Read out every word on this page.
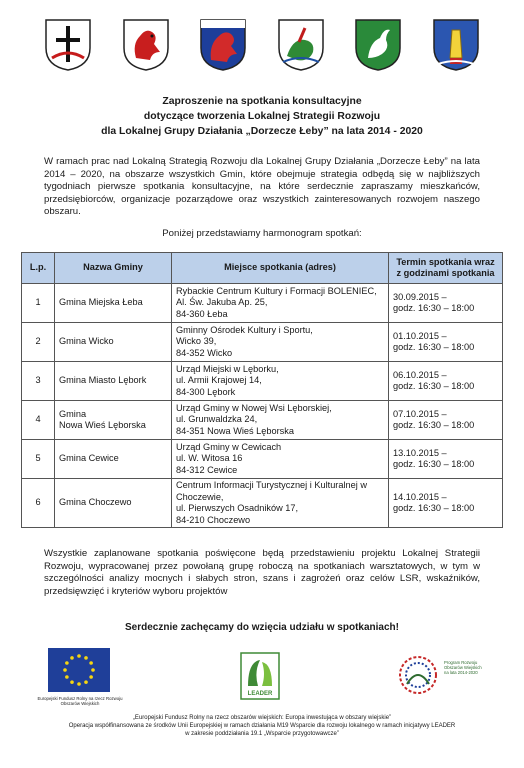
Zaproszenie na spotkania konsultacyjne
dotyczące tworzenia Lokalnej Strategii Rozwoju
dla Lokalnej Grupy Działania „Dorzecze Łeby” na lata 2014 - 2020
W ramach prac nad Lokalną Strategią Rozwoju dla Lokalnej Grupy Działania „Dorzecze Łeby” na lata 2014 – 2020, na obszarze wszystkich Gmin, które obejmuje strategia odbędą się w najbliższych tygodniach pierwsze spotkania konsultacyjne, na które serdecznie zapraszamy mieszkańców, przedsiębiorców, organizacje pozarządowe oraz wszystkich zainteresowanych rozwojem naszego obszaru.
Poniżej przedstawiamy harmonogram spotkań:
L.p.	Nazwa Gminy	Miejsce spotkania (adres)	Termin spotkania wraz
z godzinami spotkania
1	Gmina Miejska Łeba	Rybackie Centrum Kultury i Formacji BOLENIEC,
Al. Św. Jakuba Ap. 25,
84-360 Łeba	30.09.2015 –
godz. 16:30 – 18:00
2	Gmina Wicko	Gminny Ośrodek Kultury i Sportu,
Wicko 39,
84-352 Wicko	01.10.2015 –
godz. 16:30 – 18:00
3	Gmina Miasto Lębork	Urząd Miejski w Lęborku,
ul. Armii Krajowej 14,
84-300 Lębork	06.10.2015 –
godz. 16:30 – 18:00
4	Gmina
Nowa Wieś Lęborska	Urząd Gminy w Nowej Wsi Lęborskiej,
ul. Grunwaldzka 24,
84-351 Nowa Wieś Lęborska	07.10.2015 –
godz. 16:30 – 18:00
5	Gmina Cewice	Urząd Gminy w Cewicach
ul. W. Witosa 16
84-312 Cewice	13.10.2015 –
godz. 16:30 – 18:00
6	Gmina Choczewo	Centrum Informacji Turystycznej i Kulturalnej w Choczewie,
ul. Pierwszych Osadników 17,
84-210 Choczewo	14.10.2015 –
godz. 16:30 – 18:00
Wszystkie zaplanowane spotkania poświęcone będą przedstawieniu projektu Lokalnej Strategii Rozwoju, wypracowanej przez powołaną grupę roboczą na spotkaniach warsztatowych, w tym w szczególności analizy mocnych i słabych stron, szans i zagrożeń oraz celów LSR, wskaźników, przedsięwzięć i kryteriów wyboru projektów
Serdecznie zachęcamy do wzięcia udziału w spotkaniach!
Europejski Fundusz Rolny na rzecz Rozwoju Obszarów Wiejskich
LEADER
Program Rozwoju Obszarów Wiejskich na lata 2014-2020
„Europejski Fundusz Rolny na rzecz obszarów wiejskich: Europa inwestująca w obszary wiejskie”
Operacja współfinansowana ze środków Unii Europejskiej w ramach działania M19 Wsparcie dla rozwoju lokalnego w ramach inicjatywy LEADER
w zakresie poddziałania 19.1 „Wsparcie przygotowawcze”
